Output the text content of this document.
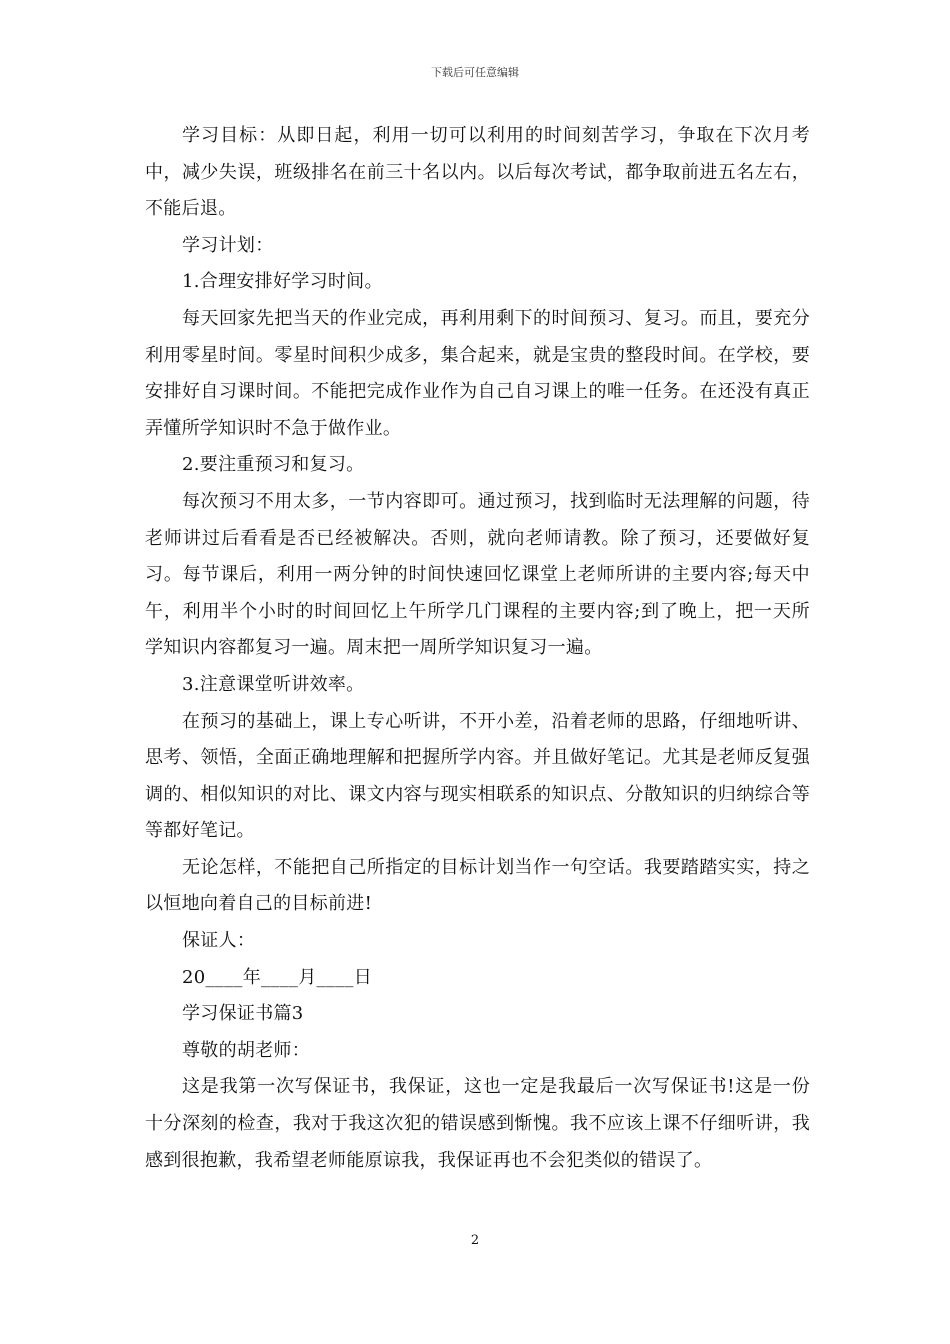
下载后可任意编辑

学习目标：从即日起，利用一切可以利用的时间刻苦学习，争取在下次月考中，减少失误，班级排名在前三十名以内。以后每次考试，都争取前进五名左右，不能后退。

学习计划：

1.合理安排好学习时间。

每天回家先把当天的作业完成，再利用剩下的时间预习、复习。而且，要充分利用零星时间。零星时间积少成多，集合起来，就是宝贵的整段时间。在学校，要安排好自习课时间。不能把完成作业作为自己自习课上的唯一任务。在还没有真正弄懂所学知识时不急于做作业。

2.要注重预习和复习。

每次预习不用太多，一节内容即可。通过预习，找到临时无法理解的问题，待老师讲过后看看是否已经被解决。否则，就向老师请教。除了预习，还要做好复习。每节课后，利用一两分钟的时间快速回忆课堂上老师所讲的主要内容;每天中午，利用半个小时的时间回忆上午所学几门课程的主要内容;到了晚上，把一天所学知识内容都复习一遍。周末把一周所学知识复习一遍。

3.注意课堂听讲效率。

在预习的基础上，课上专心听讲，不开小差，沿着老师的思路，仔细地听讲、思考、领悟，全面正确地理解和把握所学内容。并且做好笔记。尤其是老师反复强调的、相似知识的对比、课文内容与现实相联系的知识点、分散知识的归纳综合等等都好笔记。

无论怎样，不能把自己所指定的目标计划当作一句空话。我要踏踏实实，持之以恒地向着自己的目标前进!

保证人：

20____年____月____日

学习保证书篇3

尊敬的胡老师：

这是我第一次写保证书，我保证，这也一定是我最后一次写保证书!这是一份十分深刻的检查，我对于我这次犯的错误感到惭愧。我不应该上课不仔细听讲，我感到很抱歉，我希望老师能原谅我，我保证再也不会犯类似的错误了。

2
